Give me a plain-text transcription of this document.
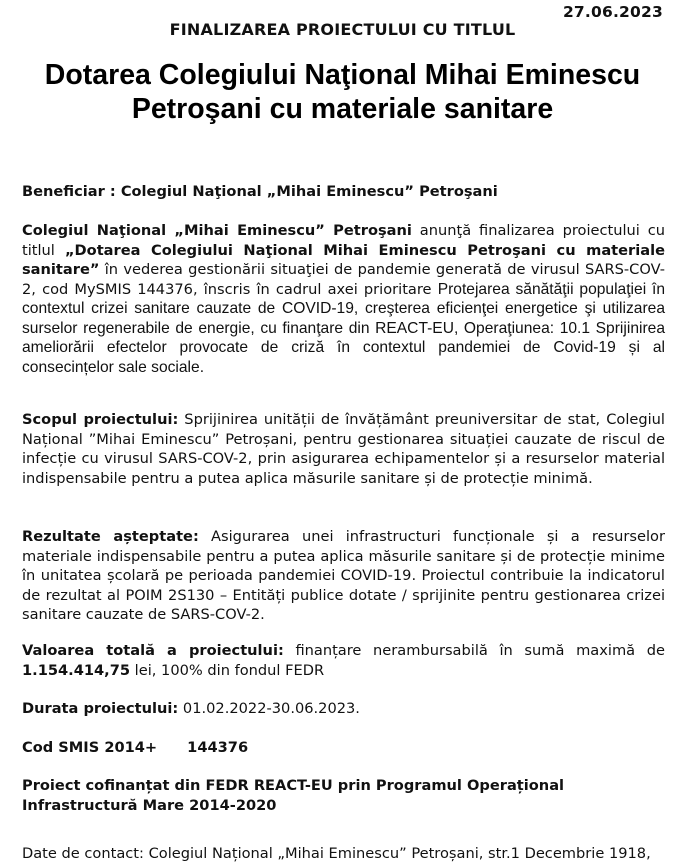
27.06.2023
FINALIZAREA PROIECTULUI CU TITLUL
Dotarea Colegiului Naţional Mihai Eminescu Petroşani cu materiale sanitare
Beneficiar : Colegiul Naţional „Mihai Eminescu” Petroşani
Colegiul Naţional „Mihai Eminescu” Petroşani anunţă finalizarea proiectului cu titlul „Dotarea Colegiului Naţional Mihai Eminescu Petroşani cu materiale sanitare” în vederea gestionării situaţiei de pandemie generată de virusul SARS-COV-2, cod MySMIS 144376, înscris în cadrul axei prioritare Protejarea sănătăţii populaţiei în contextul crizei sanitare cauzate de COVID-19, creşterea eficienţei energetice şi utilizarea surselor regenerabile de energie, cu finanţare din REACT-EU, Operaţiunea: 10.1 Sprijinirea ameliorării efectelor provocate de criză în contextul pandemiei de Covid-19 și al consecințelor sale sociale.
Scopul proiectului: Sprijinirea unității de învățământ preuniversitar de stat, Colegiul Național ”Mihai Eminescu” Petroșani, pentru gestionarea situației cauzate de riscul de infecție cu virusul SARS-COV-2, prin asigurarea echipamentelor și a resurselor material indispensabile pentru a putea aplica măsurile sanitare și de protecție minimă.
Rezultate așteptate: Asigurarea unei infrastructuri funcționale și a resurselor materiale indispensabile pentru a putea aplica măsurile sanitare și de protecție minime în unitatea școlară pe perioada pandemiei COVID-19. Proiectul contribuie la indicatorul de rezultat al POIM 2S130 – Entități publice dotate / sprijinite pentru gestionarea crizei sanitare cauzate de SARS-COV-2.
Valoarea totală a proiectului: finanțare nerambursabilă în sumă maximă de 1.154.414,75 lei, 100% din fondul FEDR
Durata proiectului: 01.02.2022-30.06.2023.
Cod SMIS 2014+ 144376
Proiect cofinanțat din FEDR REACT-EU prin Programul Operațional Infrastructură Mare 2014-2020
Date de contact: Colegiul Național „Mihai Eminescu” Petroșani, str.1 Decembrie 1918,
